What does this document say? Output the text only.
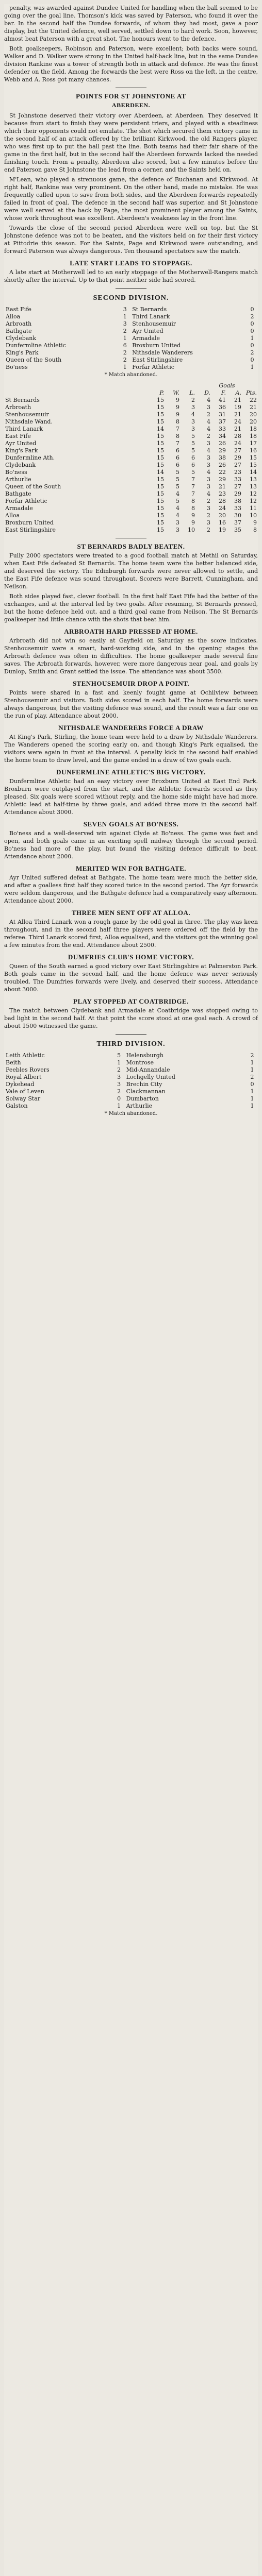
penalty, was awarded against Dundee United for handling when the ball seemed to be going over the goal line. Thomson's kick was saved by Paterson, who found it over the bar. In the second half the Dundee forwards, of whom they had most, gave a poor display, but the United defence, well served, settled down to hard work. Soon, however, almost beat Paterson with a great shot. The honours went to the defence.

Both goalkeepers, Robinson and Paterson, were excellent; both backs were sound, Walker and D. Walker were strong in the United half-back line, but in the same Dundee division Rankine was a tower of strength both in attack and defence. He was the finest defender on the field. Among the forwards the best were Ross on the left, in the centre, Webb and A. Ross got many chances.

POINTS FOR ST JOHNSTONE AT
ABERDEEN.

St Johnstone deserved their victory over Aberdeen, at Aberdeen. They deserved it because from start to finish they were persistent triers, and played with a steadiness which their opponents could not emulate. The shot which secured them victory came in the second half of an attack offered by the brilliant Kirkwood, the old Rangers player, who was first up to put the ball past the line. Both teams had their fair share of the game in the first half, but in the second half the Aberdeen forwards lacked the needed finishing touch. From a penalty, Aberdeen also scored, but a few minutes before the end Paterson gave St Johnstone the lead from a corner, and the Saints held on.

M'Lean, who played a strenuous game, the defence of Buchanan and Kirkwood. At right half, Rankine was very prominent. On the other hand, made no mistake. He was frequently called upon to save from both sides, and the Aberdeen forwards repeatedly failed in front of goal. The defence in the second half was superior, and St Johnstone were well served at the back by Page, the most prominent player among the Saints, whose work throughout was excellent. Aberdeen's weakness lay in the front line.

Towards the close of the second period Aberdeen were well on top, but the St Johnstone defence was not to be beaten, and the visitors held on for their first victory at Pittodrie this season. For the Saints, Page and Kirkwood were outstanding, and forward Paterson was always dangerous. Ten thousand spectators saw the match.

LATE START LEADS TO STOPPAGE.

A late start at Motherwell led to an early stoppage of the Motherwell-Rangers match shortly after the interval. Up to that point neither side had scored.

SECOND DIVISION.
East Fife	3	St Bernards	0
Alloa	1	Third Lanark	2
Arbroath	3	Stenhousemuir	0
Bathgate	2	Ayr United	0
Clydebank	1	Armadale	1
Dunfermline Athletic	6	Broxburn United	0
King's Park	2	Nithsdale Wanderers	2
Queen of the South	2	East Stirlingshire	0
Bo'ness	1	Forfar Athletic	1
* Match abandoned.
					Goals		
	P.	W.	L.	D.	F.	A.	Pts.
St Bernards	15	9	2	4	41	21	22
Arbroath	15	9	3	3	36	19	21
Stenhousemuir	15	9	4	2	31	21	20
Nithsdale Wand.	15	8	3	4	37	24	20
Third Lanark	14	7	3	4	33	21	18
East Fife	15	8	5	2	34	28	18
Ayr United	15	7	5	3	26	24	17
King's Park	15	6	5	4	29	27	16
Dunfermline Ath.	15	6	6	3	38	29	15
Clydebank	15	6	6	3	26	27	15
Bo'ness	14	5	5	4	22	23	14
Arthurlie	15	5	7	3	29	33	13
Queen of the South	15	5	7	3	21	27	13
Bathgate	15	4	7	4	23	29	12
Forfar Athletic	15	5	8	2	28	38	12
Armadale	15	4	8	3	24	33	11
Alloa	15	4	9	2	20	30	10
Broxburn United	15	3	9	3	16	37	9
East Stirlingshire	15	3	10	2	19	35	8
ST BERNARDS BADLY BEATEN.

Fully 2000 spectators were treated to a good football match at Methil on Saturday, when East Fife defeated St Bernards. The home team were the better balanced side, and deserved the victory. The Edinburgh forwards were never allowed to settle, and the East Fife defence was sound throughout. Scorers were Barrett, Cunningham, and Neilson.

Both sides played fast, clever football. In the first half East Fife had the better of the exchanges, and at the interval led by two goals. After resuming, St Bernards pressed, but the home defence held out, and a third goal came from Neilson. The St Bernards goalkeeper had little chance with the shots that beat him.

ARBROATH HARD PRESSED AT HOME.

Arbroath did not win so easily at Gayfield on Saturday as the score indicates. Stenhousemuir were a smart, hard-working side, and in the opening stages the Arbroath defence was often in difficulties. The home goalkeeper made several fine saves. The Arbroath forwards, however, were more dangerous near goal, and goals by Dunlop, Smith and Grant settled the issue. The attendance was about 3500.

STENHOUSEMUIR DROP A POINT.

Points were shared in a fast and keenly fought game at Ochilview between Stenhousemuir and visitors. Both sides scored in each half. The home forwards were always dangerous, but the visiting defence was sound, and the result was a fair one on the run of play. Attendance about 2000.

NITHSDALE WANDERERS FORCE A DRAW

At King's Park, Stirling, the home team were held to a draw by Nithsdale Wanderers. The Wanderers opened the scoring early on, and though King's Park equalised, the visitors were again in front at the interval. A penalty kick in the second half enabled the home team to draw level, and the game ended in a draw of two goals each.

DUNFERMLINE ATHLETIC'S BIG VICTORY.

Dunfermline Athletic had an easy victory over Broxburn United at East End Park. Broxburn were outplayed from the start, and the Athletic forwards scored as they pleased. Six goals were scored without reply, and the home side might have had more. Athletic lead at half-time by three goals, and added three more in the second half. Attendance about 3000.

SEVEN GOALS AT BO'NESS.

Bo'ness and a well-deserved win against Clyde at Bo'ness. The game was fast and open, and both goals came in an exciting spell midway through the second period. Bo'ness had more of the play, but found the visiting defence difficult to beat. Attendance about 2000.

MERITED WIN FOR BATHGATE.

Ayr United suffered defeat at Bathgate. The home team were much the better side, and after a goalless first half they scored twice in the second period. The Ayr forwards were seldom dangerous, and the Bathgate defence had a comparatively easy afternoon. Attendance about 2000.

THREE MEN SENT OFF AT ALLOA.

At Alloa Third Lanark won a rough game by the odd goal in three. The play was keen throughout, and in the second half three players were ordered off the field by the referee. Third Lanark scored first, Alloa equalised, and the visitors got the winning goal a few minutes from the end. Attendance about 2500.

DUMFRIES CLUB'S HOME VICTORY.

Queen of the South earned a good victory over East Stirlingshire at Palmerston Park. Both goals came in the second half, and the home defence was never seriously troubled. The Dumfries forwards were lively, and deserved their success. Attendance about 3000.

PLAY STOPPED AT COATBRIDGE.

The match between Clydebank and Armadale at Coatbridge was stopped owing to bad light in the second half. At that point the score stood at one goal each. A crowd of about 1500 witnessed the game.

THIRD DIVISION.
Leith Athletic	5	Helensburgh	2
Beith	1	Montrose	1
Peebles Rovers	2	Mid-Annandale	1
Royal Albert	3	Lochgelly United	2
Dykehead	3	Brechin City	0
Vale of Leven	2	Clackmannan	1
Solway Star	0	Dumbarton	1
Galston	1	Arthurlie	1
* Match abandoned.
